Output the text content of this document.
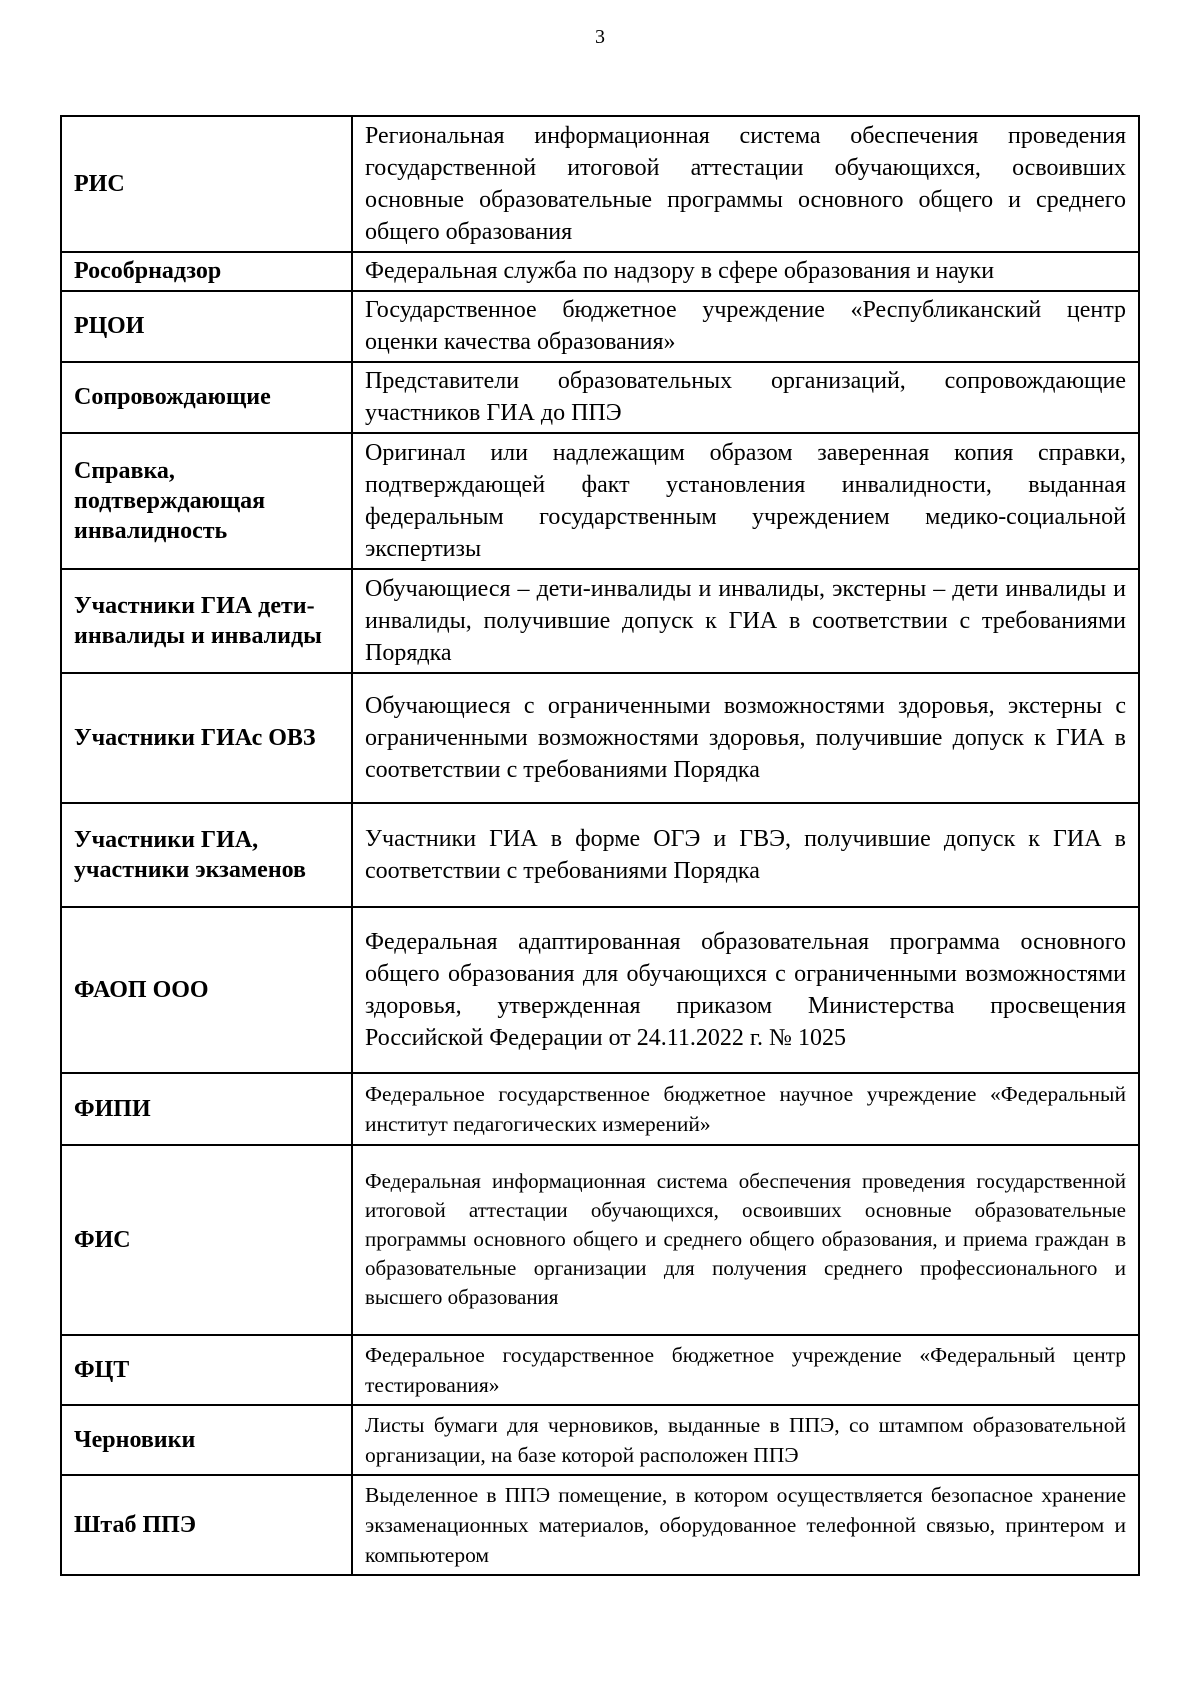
3
РИС	Региональная информационная система обеспечения проведения государственной итоговой аттестации обучающихся, освоивших основные образовательные программы основного общего и среднего общего образования

Рособрнадзор	Федеральная служба по надзору в сфере образования и науки

РЦОИ	Государственное бюджетное учреждение «Республиканский центр оценки качества образования»

Сопровождающие	Представители образовательных организаций, сопровождающие участников ГИА до ППЭ

Справка, подтверждающая инвалидность	Оригинал или надлежащим образом заверенная копия справки, подтверждающей факт установления инвалидности, выданная федеральным государственным учреждением медико-социальной экспертизы

Участники ГИА дети-инвалиды и инвалиды	Обучающиеся – дети-инвалиды и инвалиды, экстерны – дети инвалиды и инвалиды, получившие допуск к ГИА в соответствии с требованиями Порядка

Участники ГИАс ОВЗ	Обучающиеся с ограниченными возможностями здоровья, экстерны с ограниченными возможностями здоровья, получившие допуск к ГИА в соответствии с требованиями Порядка

Участники ГИА, участники экзаменов	Участники ГИА в форме ОГЭ и ГВЭ, получившие допуск к ГИА в соответствии с требованиями Порядка

ФАОП ООО	Федеральная адаптированная образовательная программа основного общего образования для обучающихся с ограниченными возможностями здоровья, утвержденная приказом Министерства просвещения Российской Федерации от 24.11.2022 г. № 1025

ФИПИ	Федеральное государственное бюджетное научное учреждение «Федеральный институт педагогических измерений»

ФИС	Федеральная информационная система обеспечения проведения государственной итоговой аттестации обучающихся, освоивших основные образовательные программы основного общего и среднего общего образования, и приема граждан в образовательные организации для получения среднего профессионального и высшего образования

ФЦТ	Федеральное государственное бюджетное учреждение «Федеральный центр тестирования»

Черновики	Листы бумаги для черновиков, выданные в ППЭ, со штампом образовательной организации, на базе которой расположен ППЭ

Штаб ППЭ	Выделенное в ППЭ помещение, в котором осуществляется безопасное хранение экзаменационных материалов, оборудованное телефонной связью, принтером и компьютером
